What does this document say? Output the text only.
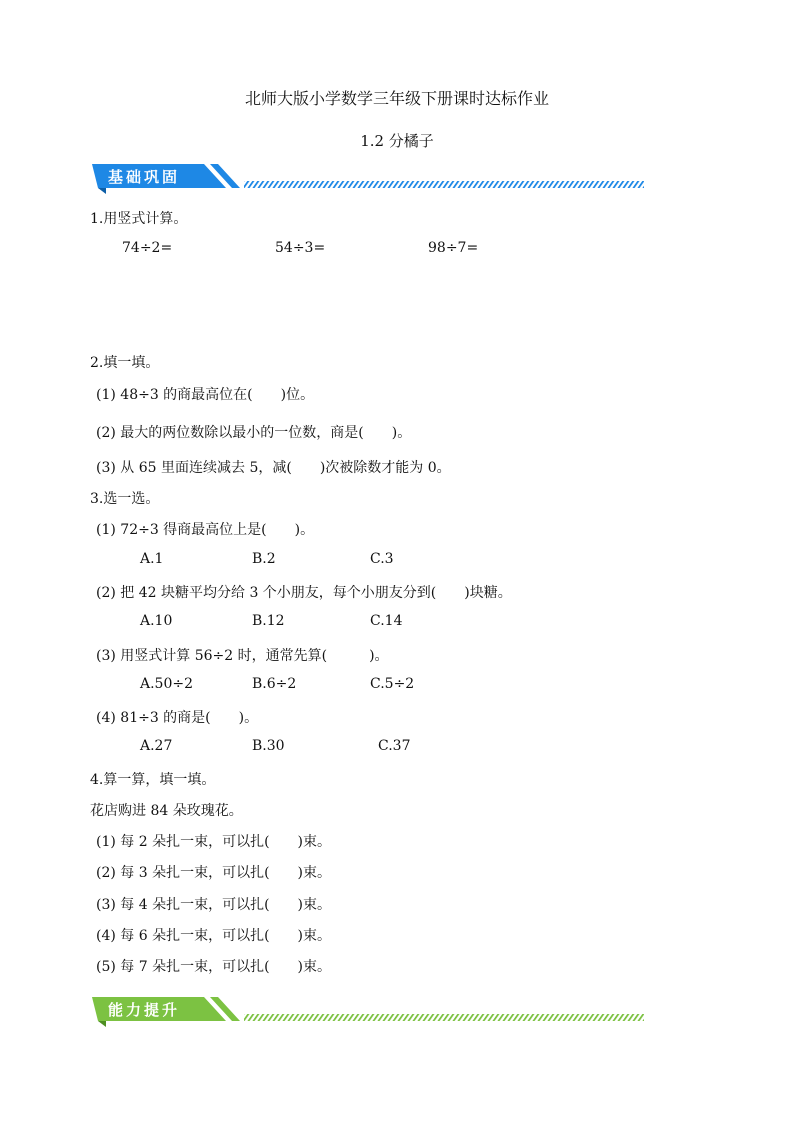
北师大版小学数学三年级下册课时达标作业
1.2 分橘子
基础巩固
1.用竖式计算。
74÷2=	54÷3=	98÷7=
2.填一填。
(1) 48÷3 的商最高位在(　　)位。
(2) 最大的两位数除以最小的一位数，商是(　　)。
(3) 从 65 里面连续减去 5，减(　　)次被除数才能为 0。
3.选一选。
(1) 72÷3 得商最高位上是(　　)。
A.1	B.2	C.3
(2) 把 42 块糖平均分给 3 个小朋友，每个小朋友分到(　　)块糖。
A.10	B.12	C.14
(3) 用竖式计算 56÷2 时，通常先算(　　　)。
A.50÷2	B.6÷2	C.5÷2
(4) 81÷3 的商是(　　)。
A.27	B.30	C.37
4.算一算，填一填。
花店购进 84 朵玫瑰花。
(1) 每 2 朵扎一束，可以扎(　　)束。
(2) 每 3 朵扎一束，可以扎(　　)束。
(3) 每 4 朵扎一束，可以扎(　　)束。
(4) 每 6 朵扎一束，可以扎(　　)束。
(5) 每 7 朵扎一束，可以扎(　　)束。
能力提升
